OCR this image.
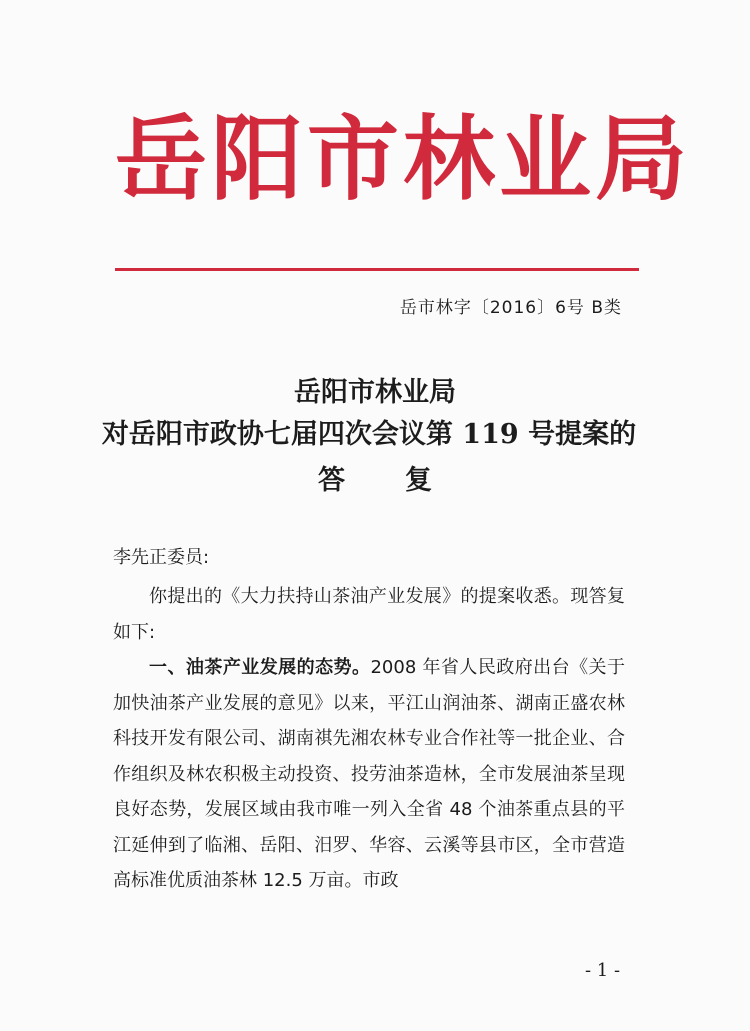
岳阳市林业局
岳市林字〔2016〕6号 B类
岳阳市林业局
对岳阳市政协七届四次会议第 119 号提案的
答复
李先正委员:

你提出的《大力扶持山茶油产业发展》的提案收悉。现答复如下:

一、油茶产业发展的态势。2008 年省人民政府出台《关于加快油茶产业发展的意见》以来，平江山润油茶、湖南正盛农林科技开发有限公司、湖南祺先湘农林专业合作社等一批企业、合作组织及林农积极主动投资、投劳油茶造林，全市发展油茶呈现良好态势，发展区域由我市唯一列入全省 48 个油茶重点县的平江延伸到了临湘、岳阳、汨罗、华容、云溪等县市区，全市营造高标准优质油茶林 12.5 万亩。市政

- 1 -
